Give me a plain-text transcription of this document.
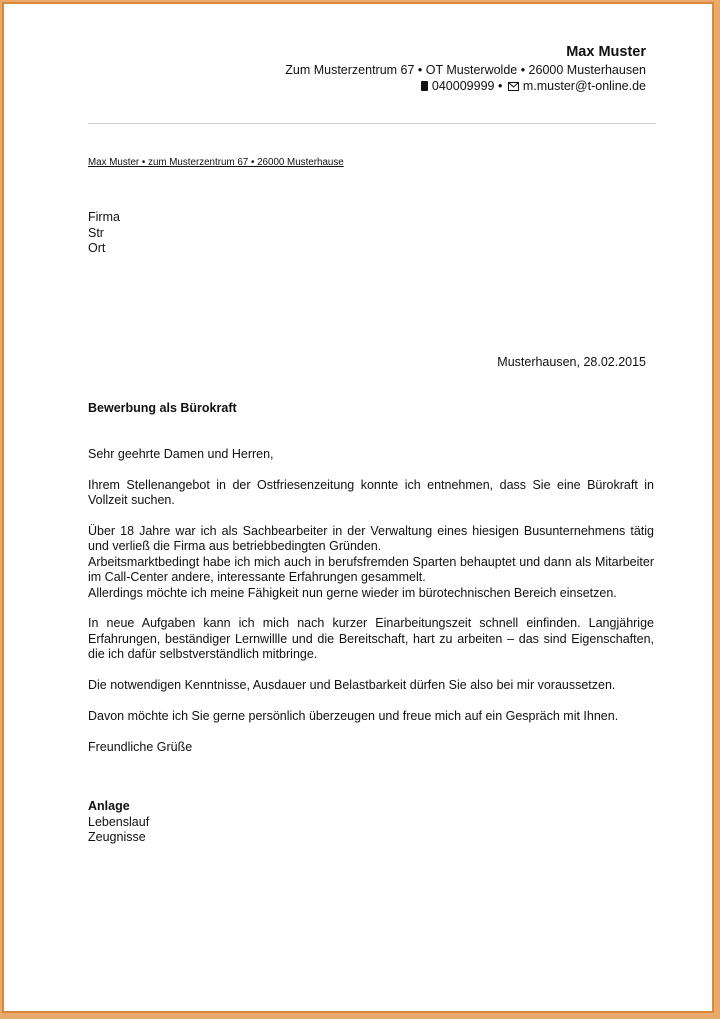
Max Muster
Zum Musterzentrum 67 • OT Musterwolde • 26000 Musterhausen
040009999 • m.muster@t-online.de
Max Muster • zum Musterzentrum 67 • 26000 Musterhause
Firma
Str
Ort
Musterhausen, 28.02.2015
Bewerbung als Bürokraft

Sehr geehrte Damen und Herren,

Ihrem Stellenangebot in der Ostfriesenzeitung konnte ich entnehmen, dass Sie eine Bürokraft in Vollzeit suchen.

Über 18 Jahre war ich als Sachbearbeiter in der Verwaltung eines hiesigen Busunternehmens tätig und verließ die Firma aus betriebbedingten Gründen.

Arbeitsmarktbedingt habe ich mich auch in berufsfremden Sparten behauptet und dann als Mitarbeiter im Call-Center andere, interessante Erfahrungen gesammelt.

Allerdings möchte ich meine Fähigkeit nun gerne wieder im bürotechnischen Bereich einsetzen.

In neue Aufgaben kann ich mich nach kurzer Einarbeitungszeit schnell einfinden. Langjährige Erfahrungen, beständiger Lernwillle und die Bereitschaft, hart zu arbeiten – das sind Eigenschaften, die ich dafür selbstverständlich mitbringe.

Die notwendigen Kenntnisse, Ausdauer und Belastbarkeit dürfen Sie also bei mir voraussetzen.

Davon möchte ich Sie gerne persönlich überzeugen und freue mich auf ein Gespräch mit Ihnen.

Freundliche Grüße

Anlage
Lebenslauf
Zeugnisse
